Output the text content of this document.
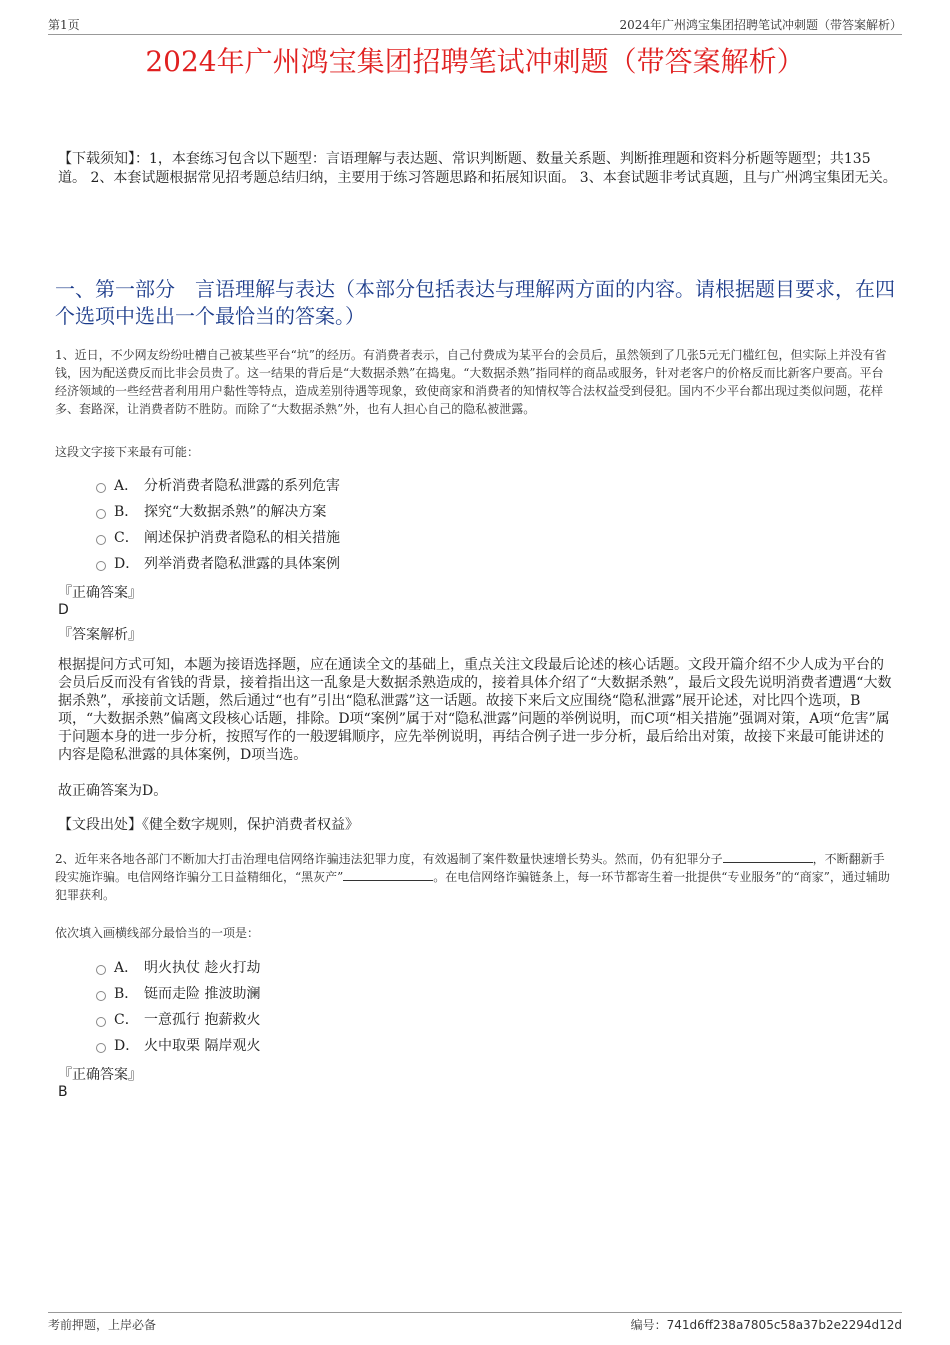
第1页	2024年广州鸿宝集团招聘笔试冲刺题（带答案解析）
2024年广州鸿宝集团招聘笔试冲刺题（带答案解析）
【下载须知】：1，本套练习包含以下题型：言语理解与表达题、常识判断题、数量关系题、判断推理题和资料分析题等题型；共135道。 2、本套试题根据常见招考题总结归纳，主要用于练习答题思路和拓展知识面。 3、本套试题非考试真题，且与广州鸿宝集团无关。
一、第一部分　言语理解与表达（本部分包括表达与理解两方面的内容。请根据题目要求，在四个选项中选出一个最恰当的答案。）
1、近日，不少网友纷纷吐槽自己被某些平台“坑”的经历。有消费者表示，自己付费成为某平台的会员后，虽然领到了几张5元无门槛红包，但实际上并没有省钱，因为配送费反而比非会员贵了。这一结果的背后是“大数据杀熟”在捣鬼。“大数据杀熟”指同样的商品或服务，针对老客户的价格反而比新客户要高。平台经济领域的一些经营者利用用户黏性等特点，造成差别待遇等现象，致使商家和消费者的知情权等合法权益受到侵犯。国内不少平台都出现过类似问题，花样多、套路深，让消费者防不胜防。而除了“大数据杀熟”外，也有人担心自己的隐私被泄露。
这段文字接下来最有可能：
A． 分析消费者隐私泄露的系列危害
B． 探究“大数据杀熟”的解决方案
C． 阐述保护消费者隐私的相关措施
D． 列举消费者隐私泄露的具体案例
『正确答案』
D
『答案解析』
根据提问方式可知，本题为接语选择题，应在通读全文的基础上，重点关注文段最后论述的核心话题。文段开篇介绍不少人成为平台的会员后反而没有省钱的背景，接着指出这一乱象是大数据杀熟造成的，接着具体介绍了“大数据杀熟”，最后文段先说明消费者遭遇“大数据杀熟”，承接前文话题，然后通过“也有”引出“隐私泄露”这一话题。故接下来后文应围绕“隐私泄露”展开论述，对比四个选项，B项，“大数据杀熟”偏离文段核心话题，排除。D项“案例”属于对“隐私泄露”问题的举例说明，而C项“相关措施”强调对策，A项“危害”属于问题本身的进一步分析，按照写作的一般逻辑顺序，应先举例说明，再结合例子进一步分析，最后给出对策，故接下来最可能讲述的内容是隐私泄露的具体案例，D项当选。
故正确答案为D。
【文段出处】《健全数字规则，保护消费者权益》
2、近年来各地各部门不断加大打击治理电信网络诈骗违法犯罪力度，有效遏制了案件数量快速增长势头。然而，仍有犯罪分子	，不断翻新手段实施诈骗。电信网络诈骗分工日益精细化，“黑灰产”	。在电信网络诈骗链条上，每一环节都寄生着一批提供“专业服务”的“商家”，通过辅助犯罪获利。
依次填入画横线部分最恰当的一项是：
A． 明火执仗 趁火打劫
B． 铤而走险 推波助澜
C． 一意孤行 抱薪救火
D． 火中取栗 隔岸观火
『正确答案』
B
考前押题，上岸必备	编号：741d6ff238a7805c58a37b2e2294d12d
